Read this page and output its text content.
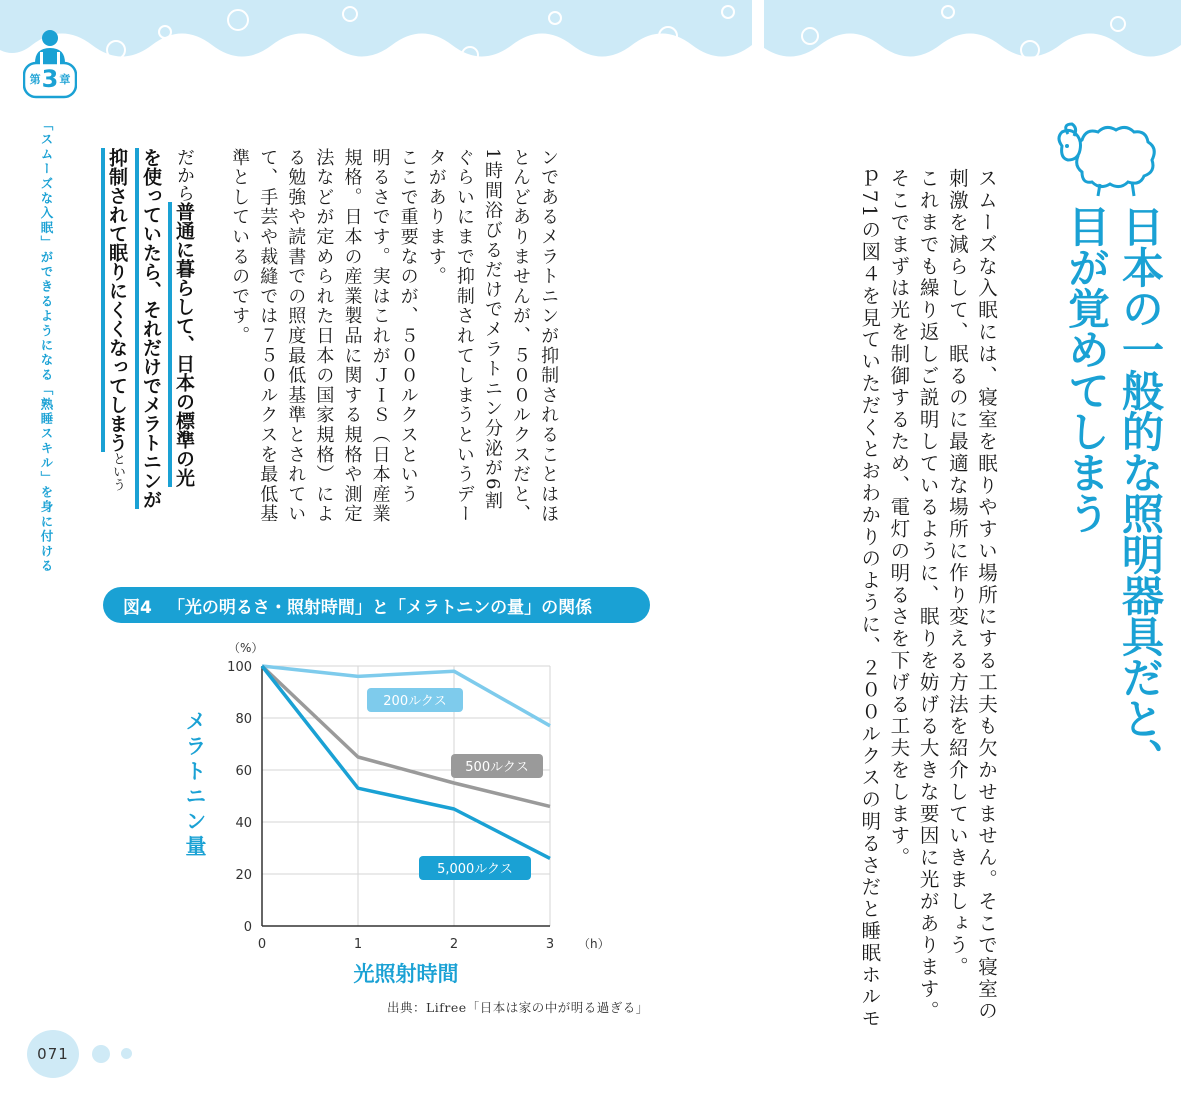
第 3 章
「スムーズな入眠」ができるようになる「熟睡スキル」を身に付ける	日本の一般的な照明器具だと、
目が覚めてしまう
スムーズな入眠には、寝室を眠りやすい場所にする工夫も欠かせません。そこで寝室の
刺激を減らして、眠るのに最適な場所に作り変える方法を紹介していきましょう。
これまでも繰り返しご説明しているように、眠りを妨げる大きな要因に光があります。
そこでまずは光を制御するため、電灯の明るさを下げる工夫をします。
ｐ71の図４を見ていただくとおわかりのように、２００ルクスの明るさだと睡眠ホルモ
ンであるメラトニンが抑制されることはほ
とんどありませんが、５００ルクスだと、
1時間浴びるだけでメラトニン分泌が6割
ぐらいにまで抑制されてしまうというデー
タがあります。
ここで重要なのが、５００ルクスという
明るさです。実はこれがＪＩＳ（日本産業
規格。日本の産業製品に関する規格や測定
法などが定められた日本の国家規格）によ
る勉強や読書での照度最低基準とされてい
て、手芸や裁縫では７５０ルクスを最低基
準としているのです。
だから普通に暮らして、日本の標準の光
を使っていたら、それだけでメラトニンが
抑制されて眠りにくくなってしまうという
図4 「光の明るさ・照射時間」と「メラトニンの量」の関係
0
20
40
60
80
100
0	1	2	3
（%）
（h）
光照射時間
メラトニン量
200ルクス
500ルクス
5,000ルクス
出典：Lifree「日本は家の中が明る過ぎる」
071
